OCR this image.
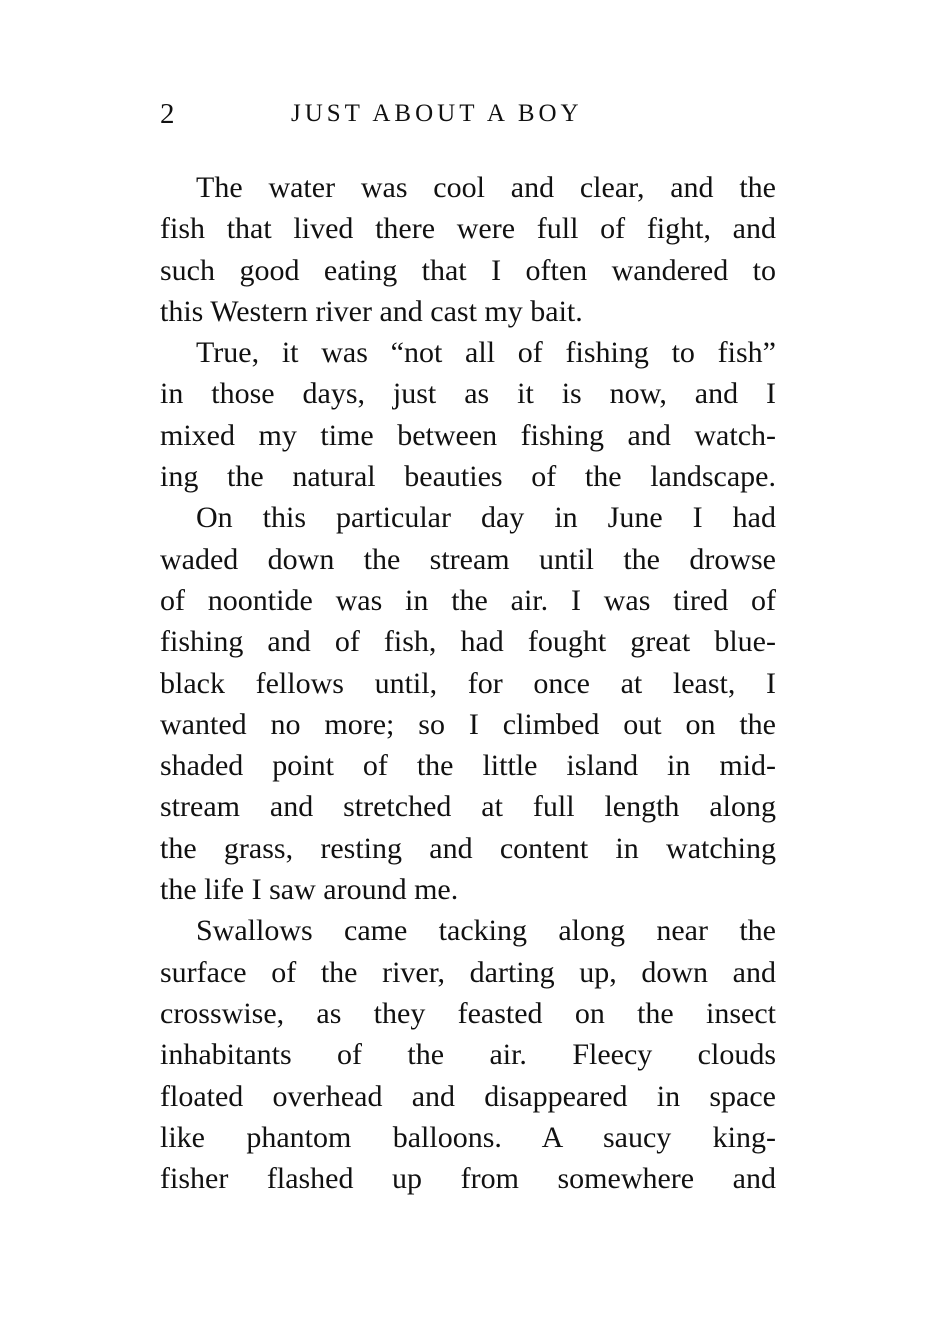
2	JUST ABOUT A BOY
The water was cool and clear, and the
fish that lived there were full of fight, and
such good eating that I often wandered to
this Western river and cast my bait.
True, it was “not all of fishing to fish”
in those days, just as it is now, and I
mixed my time between fishing and watch-
ing the natural beauties of the landscape.
On this particular day in June I had
waded down the stream until the drowse
of noontide was in the air. I was tired of
fishing and of fish, had fought great blue-
black fellows until, for once at least, I
wanted no more; so I climbed out on the
shaded point of the little island in mid-
stream and stretched at full length along
the grass, resting and content in watching
the life I saw around me.
Swallows came tacking along near the
surface of the river, darting up, down and
crosswise, as they feasted on the insect
inhabitants of the air. Fleecy clouds
floated overhead and disappeared in space
like phantom balloons. A saucy king-
fisher flashed up from somewhere and
